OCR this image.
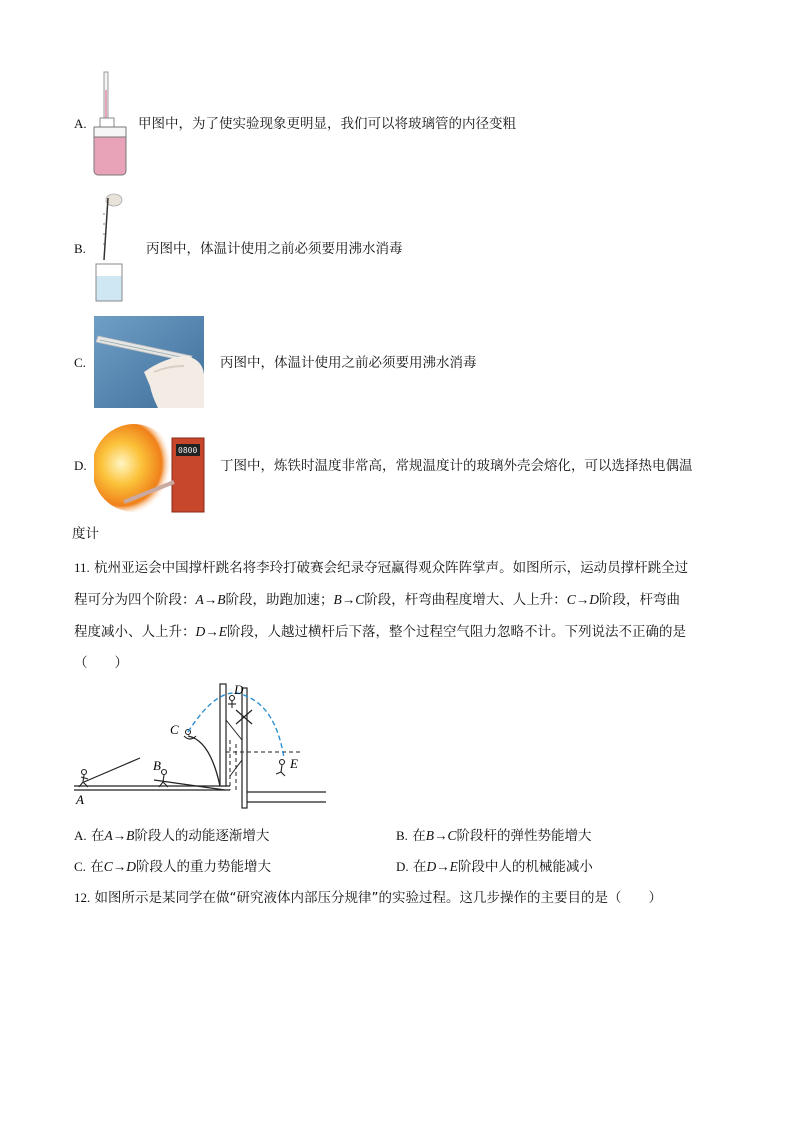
A.	甲图中，为了使实验现象更明显，我们可以将玻璃管的内径变粗
B.	丙图中，体温计使用之前必须要用沸水消毒
C.	丙图中，体温计使用之前必须要用沸水消毒
D.
0800
丁图中，炼铁时温度非常高，常规温度计的玻璃外壳会熔化，可以选择热电偶温
度计
11. 杭州亚运会中国撑杆跳名将李玲打破赛会纪录夺冠赢得观众阵阵掌声。如图所示，运动员撑杆跳全过
程可分为四个阶段：A→B阶段，助跑加速；B→C阶段，杆弯曲程度增大、人上升：C→D阶段，杆弯曲
程度减小、人上升：D→E阶段，人越过横杆后下落，整个过程空气阻力忽略不计。下列说法不正确的是
（　　）
A
B
C
D
E
A. 在A→B阶段人的动能逐渐增大	B. 在B→C阶段杆的弹性势能增大
C. 在C→D阶段人的重力势能增大	D. 在D→E阶段中人的机械能减小
12. 如图所示是某同学在做“研究液体内部压分规律”的实验过程。这几步操作的主要目的是（　　）
